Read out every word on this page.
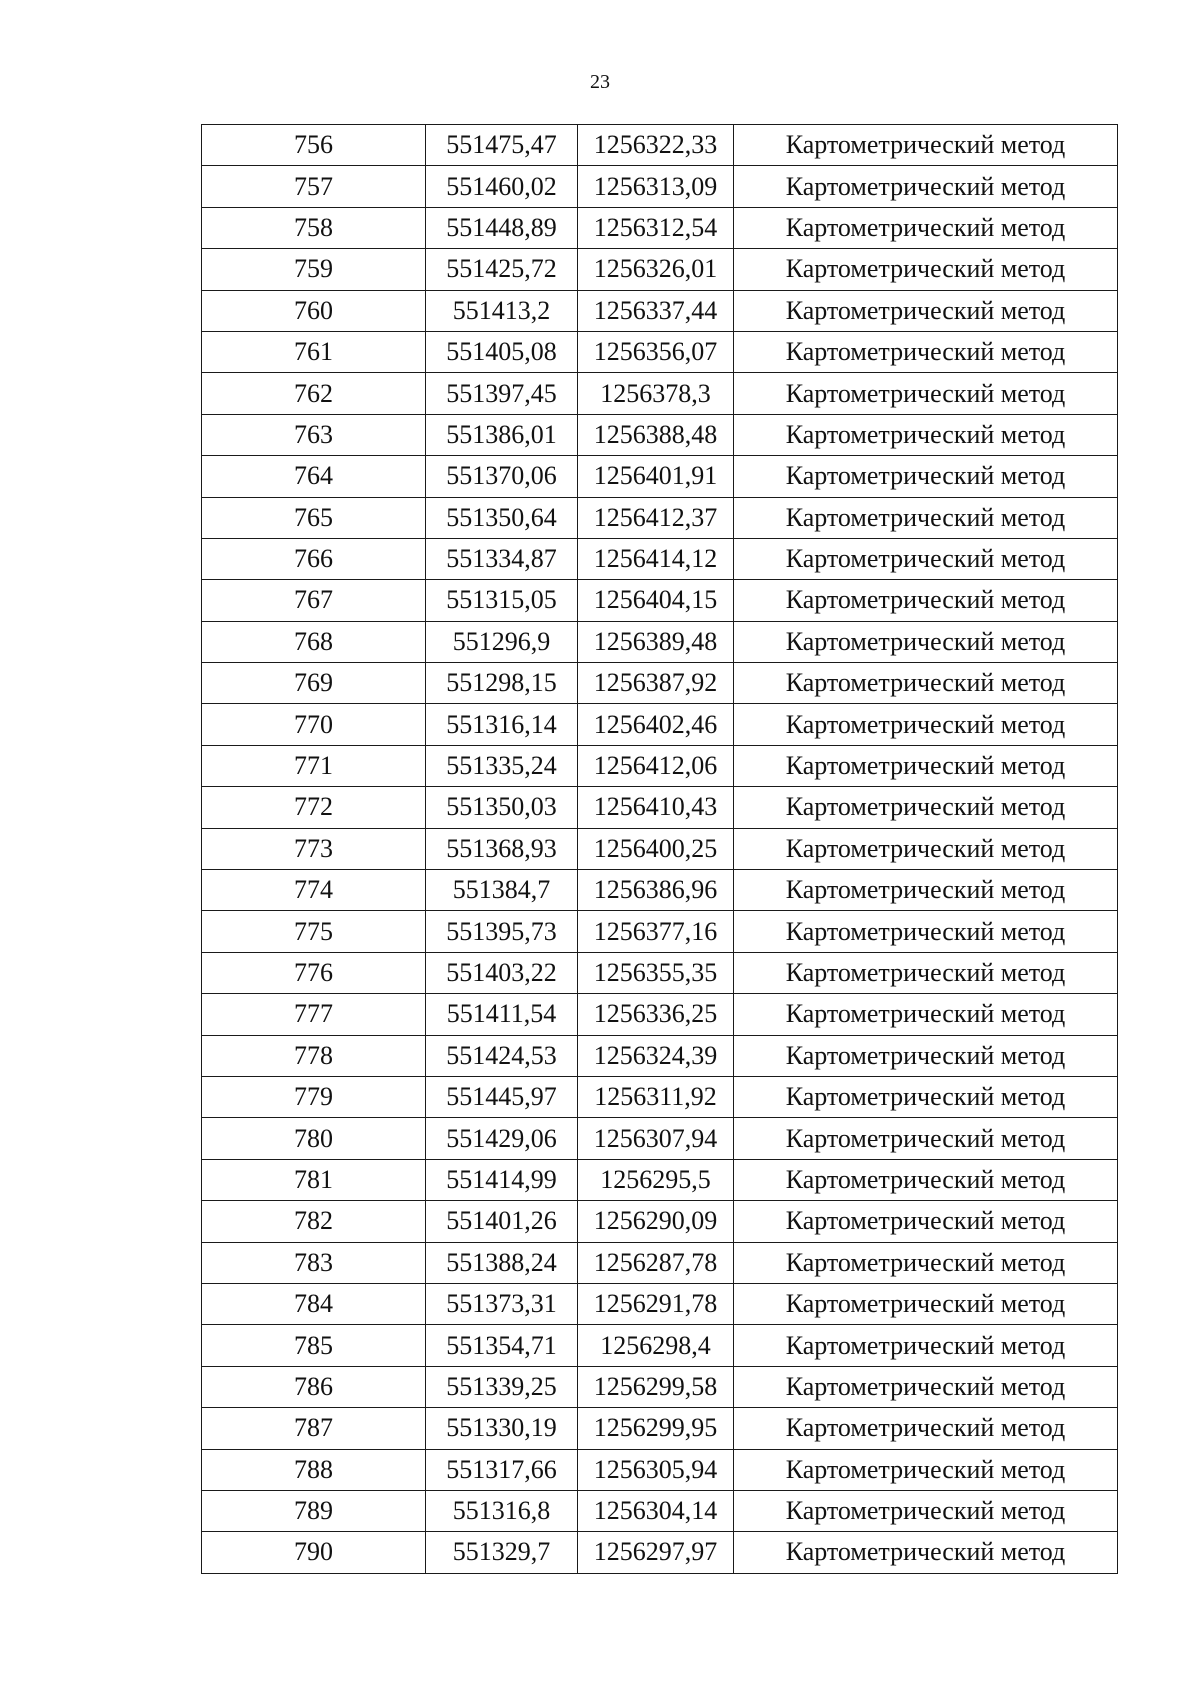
23
756	551475,47	1256322,33	Картометрический метод
757	551460,02	1256313,09	Картометрический метод
758	551448,89	1256312,54	Картометрический метод
759	551425,72	1256326,01	Картометрический метод
760	551413,2	1256337,44	Картометрический метод
761	551405,08	1256356,07	Картометрический метод
762	551397,45	1256378,3	Картометрический метод
763	551386,01	1256388,48	Картометрический метод
764	551370,06	1256401,91	Картометрический метод
765	551350,64	1256412,37	Картометрический метод
766	551334,87	1256414,12	Картометрический метод
767	551315,05	1256404,15	Картометрический метод
768	551296,9	1256389,48	Картометрический метод
769	551298,15	1256387,92	Картометрический метод
770	551316,14	1256402,46	Картометрический метод
771	551335,24	1256412,06	Картометрический метод
772	551350,03	1256410,43	Картометрический метод
773	551368,93	1256400,25	Картометрический метод
774	551384,7	1256386,96	Картометрический метод
775	551395,73	1256377,16	Картометрический метод
776	551403,22	1256355,35	Картометрический метод
777	551411,54	1256336,25	Картометрический метод
778	551424,53	1256324,39	Картометрический метод
779	551445,97	1256311,92	Картометрический метод
780	551429,06	1256307,94	Картометрический метод
781	551414,99	1256295,5	Картометрический метод
782	551401,26	1256290,09	Картометрический метод
783	551388,24	1256287,78	Картометрический метод
784	551373,31	1256291,78	Картометрический метод
785	551354,71	1256298,4	Картометрический метод
786	551339,25	1256299,58	Картометрический метод
787	551330,19	1256299,95	Картометрический метод
788	551317,66	1256305,94	Картометрический метод
789	551316,8	1256304,14	Картометрический метод
790	551329,7	1256297,97	Картометрический метод
